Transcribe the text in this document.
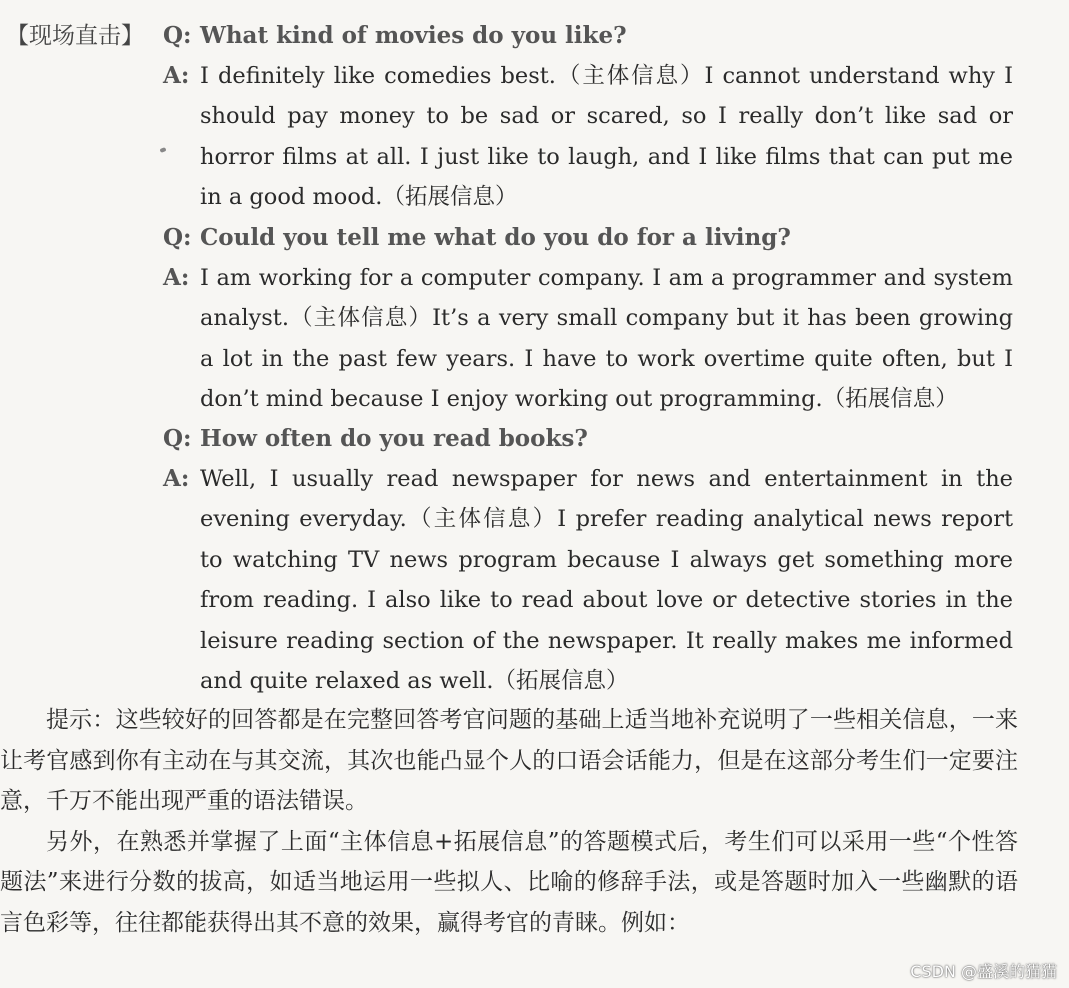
【现场直击】 Q: What kind of movies do you like?
A: I definitely like comedies best.（主体信息）I cannot understand why I should pay money to be sad or scared, so I really don’t like sad or horror films at all. I just like to laugh, and I like films that can put me in a good mood.（拓展信息）
Q: Could you tell me what do you do for a living?
A: I am working for a computer company. I am a programmer and system analyst.（主体信息）It’s a very small company but it has been growing a lot in the past few years. I have to work overtime quite often, but I don’t mind because I enjoy working out programming.（拓展信息）
Q: How often do you read books?
A: Well, I usually read newspaper for news and entertainment in the evening everyday.（主体信息）I prefer reading analytical news report to watching TV news program because I always get something more from reading. I also like to read about love or detective stories in the leisure reading section of the newspaper. It really makes me informed and quite relaxed as well.（拓展信息）

提示：这些较好的回答都是在完整回答考官问题的基础上适当地补充说明了一些相关信息，一来让考官感到你有主动在与其交流，其次也能凸显个人的口语会话能力，但是在这部分考生们一定要注意，千万不能出现严重的语法错误。

另外，在熟悉并掌握了上面“主体信息+拓展信息”的答题模式后，考生们可以采用一些“个性答题法”来进行分数的拔高，如适当地运用一些拟人、比喻的修辞手法，或是答题时加入一些幽默的语言色彩等，往往都能获得出其不意的效果，赢得考官的青睐。例如：

CSDN @盛溪的猫猫
